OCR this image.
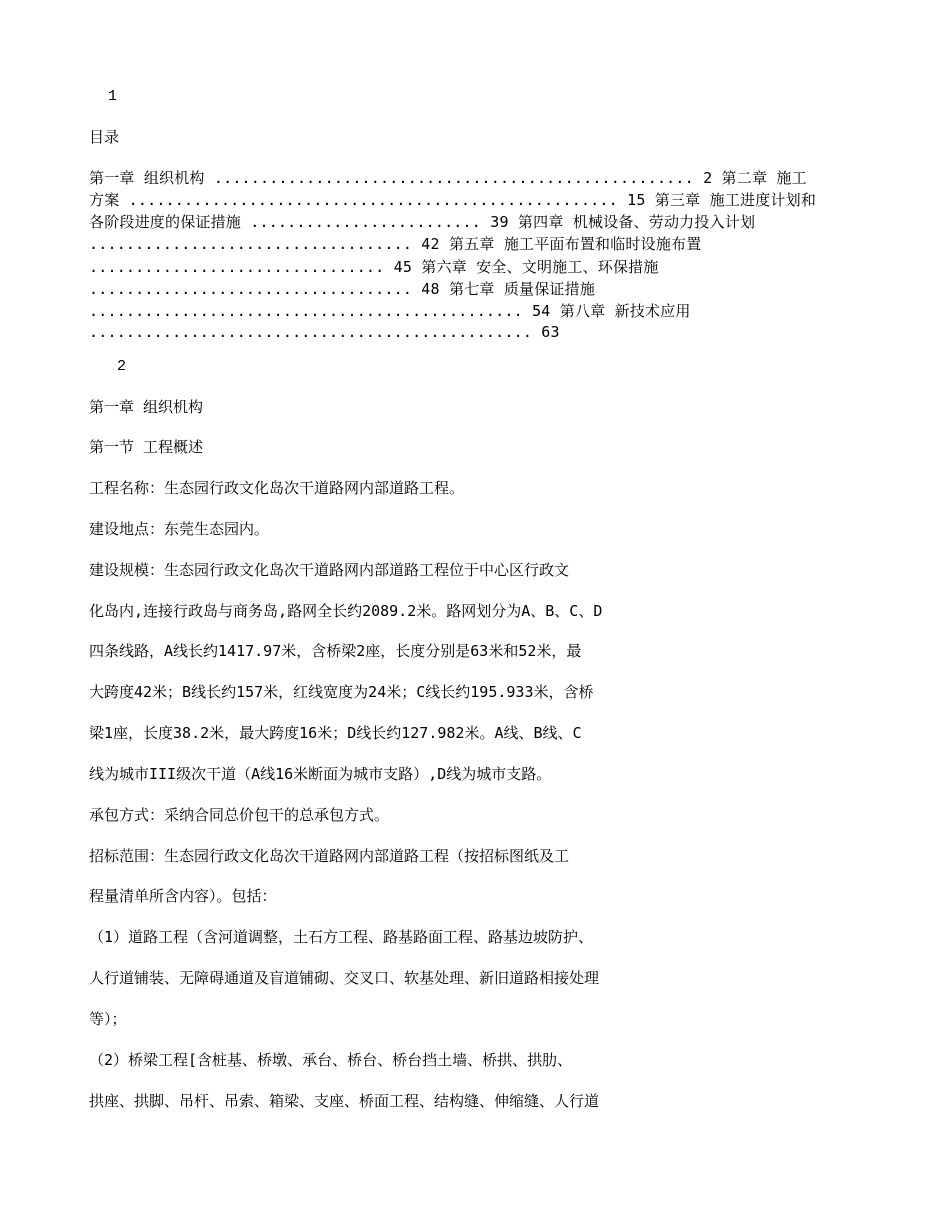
1
目录
第一章 组织机构 .................................................... 2 第二章 施工
方案 ..................................................... 15 第三章 施工进度计划和
各阶段进度的保证措施 ......................... 39 第四章 机械设备、劳动力投入计划
................................... 42 第五章 施工平面布置和临时设施布置
................................ 45 第六章 安全、文明施工、环保措施
................................... 48 第七章 质量保证措施
............................................... 54 第八章 新技术应用
................................................ 63
2
第一章 组织机构
第一节 工程概述
工程名称：生态园行政文化岛次干道路网内部道路工程。
建设地点：东莞生态园内。
建设规模：生态园行政文化岛次干道路网内部道路工程位于中心区行政文
化岛内,连接行政岛与商务岛,路网全长约2089.2米。路网划分为A、B、C、D
四条线路，A线长约1417.97米，含桥梁2座，长度分别是63米和52米，最
大跨度42米；B线长约157米，红线宽度为24米；C线长约195.933米，含桥
梁1座，长度38.2米，最大跨度16米；D线长约127.982米。A线、B线、C
线为城市III级次干道（A线16米断面为城市支路）,D线为城市支路。
承包方式：采纳合同总价包干的总承包方式。
招标范围：生态园行政文化岛次干道路网内部道路工程（按招标图纸及工
程量清单所含内容）。包括：
（1）道路工程（含河道调整，土石方工程、路基路面工程、路基边坡防护、
人行道铺装、无障碍通道及盲道铺砌、交叉口、软基处理、新旧道路相接处理
等）；
（2）桥梁工程[含桩基、桥墩、承台、桥台、桥台挡土墙、桥拱、拱肋、
拱座、拱脚、吊杆、吊索、箱梁、支座、桥面工程、结构缝、伸缩缝、人行道
